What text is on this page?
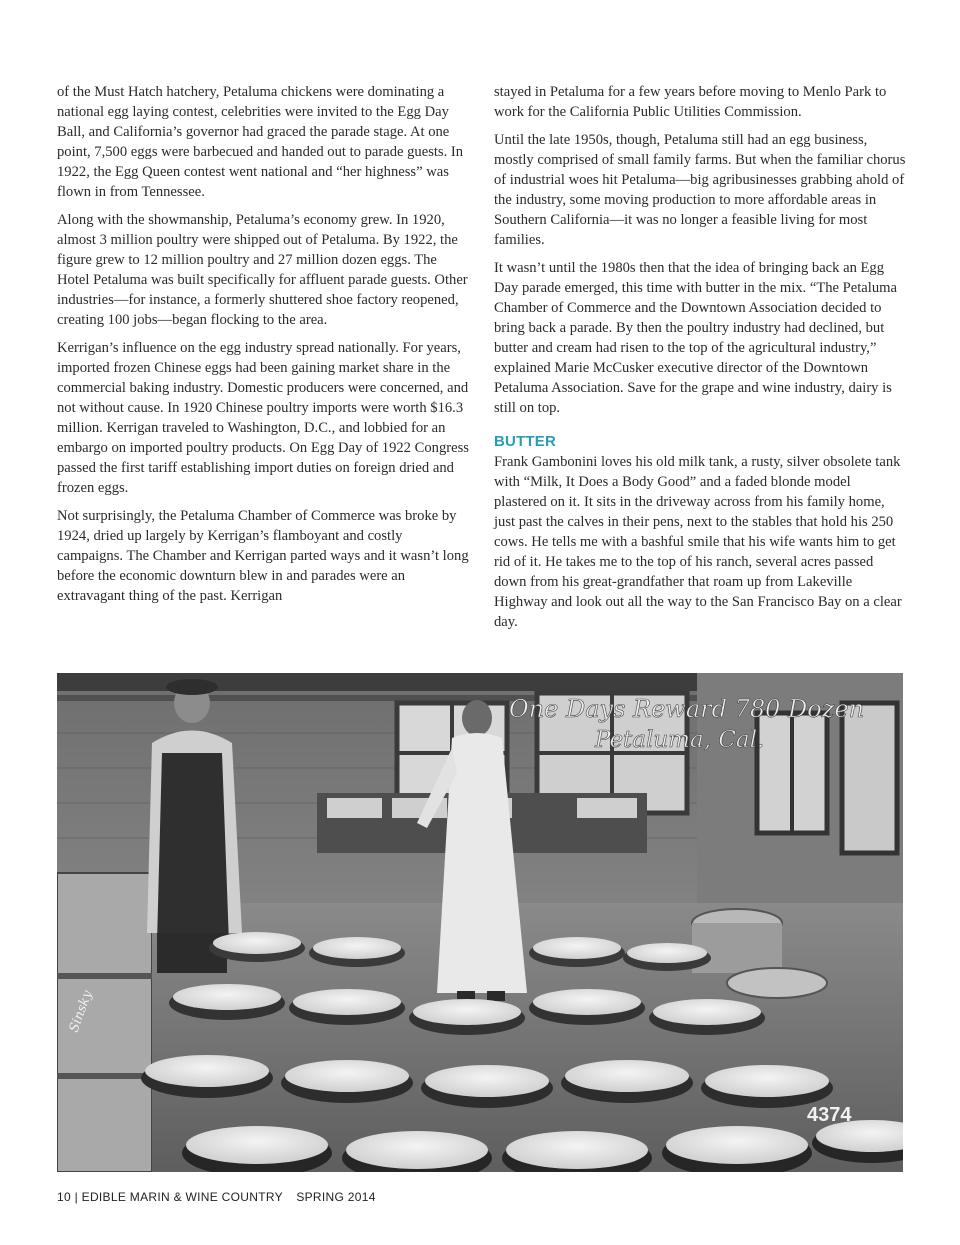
of the Must Hatch hatchery, Petaluma chickens were dominating a national egg laying contest, celebrities were invited to the Egg Day Ball, and California’s governor had graced the parade stage. At one point, 7,500 eggs were barbecued and handed out to parade guests. In 1922, the Egg Queen contest went national and “her highness” was flown in from Tennessee.

Along with the showmanship, Petaluma’s economy grew. In 1920, almost 3 million poultry were shipped out of Petaluma. By 1922, the figure grew to 12 million poultry and 27 million dozen eggs. The Hotel Petaluma was built specifically for affluent parade guests. Other industries—for instance, a formerly shuttered shoe factory reopened, creating 100 jobs—began flocking to the area.

Kerrigan’s influence on the egg industry spread nationally. For years, imported frozen Chinese eggs had been gaining market share in the commercial baking industry. Domestic producers were concerned, and not without cause. In 1920 Chinese poultry imports were worth $16.3 million. Kerrigan traveled to Washington, D.C., and lobbied for an embargo on imported poultry products. On Egg Day of 1922 Congress passed the first tariff establishing import duties on foreign dried and frozen eggs.

Not surprisingly, the Petaluma Chamber of Commerce was broke by 1924, dried up largely by Kerrigan’s flamboyant and costly campaigns. The Chamber and Kerrigan parted ways and it wasn’t long before the economic downturn blew in and parades were an extravagant thing of the past. Kerrigan

stayed in Petaluma for a few years before moving to Menlo Park to work for the California Public Utilities Commission.

Until the late 1950s, though, Petaluma still had an egg business, mostly comprised of small family farms. But when the familiar chorus of industrial woes hit Petaluma—big agribusinesses grabbing ahold of the industry, some moving production to more affordable areas in Southern California—it was no longer a feasible living for most families.

It wasn’t until the 1980s then that the idea of bringing back an Egg Day parade emerged, this time with butter in the mix. “The Petaluma Chamber of Commerce and the Downtown Association decided to bring back a parade. By then the poultry industry had declined, but butter and cream had risen to the top of the agricultural industry,” explained Marie McCusker executive director of the Downtown Petaluma Association. Save for the grape and wine industry, dairy is still on top.

BUTTER

Frank Gambonini loves his old milk tank, a rusty, silver obsolete tank with “Milk, It Does a Body Good” and a faded blonde model plastered on it. It sits in the driveway across from his family home, just past the calves in their pens, next to the stables that hold his 250 cows. He tells me with a bashful smile that his wife wants him to get rid of it. He takes me to the top of his ranch, several acres passed down from his great-grandfather that roam up from Lakeville Highway and look out all the way to the San Francisco Bay on a clear day.

One Days Reward 780 Dozen
Petaluma, Cal.
4374
Sinsky
10 | EDIBLE MARIN & WINE COUNTRY SPRING 2014
